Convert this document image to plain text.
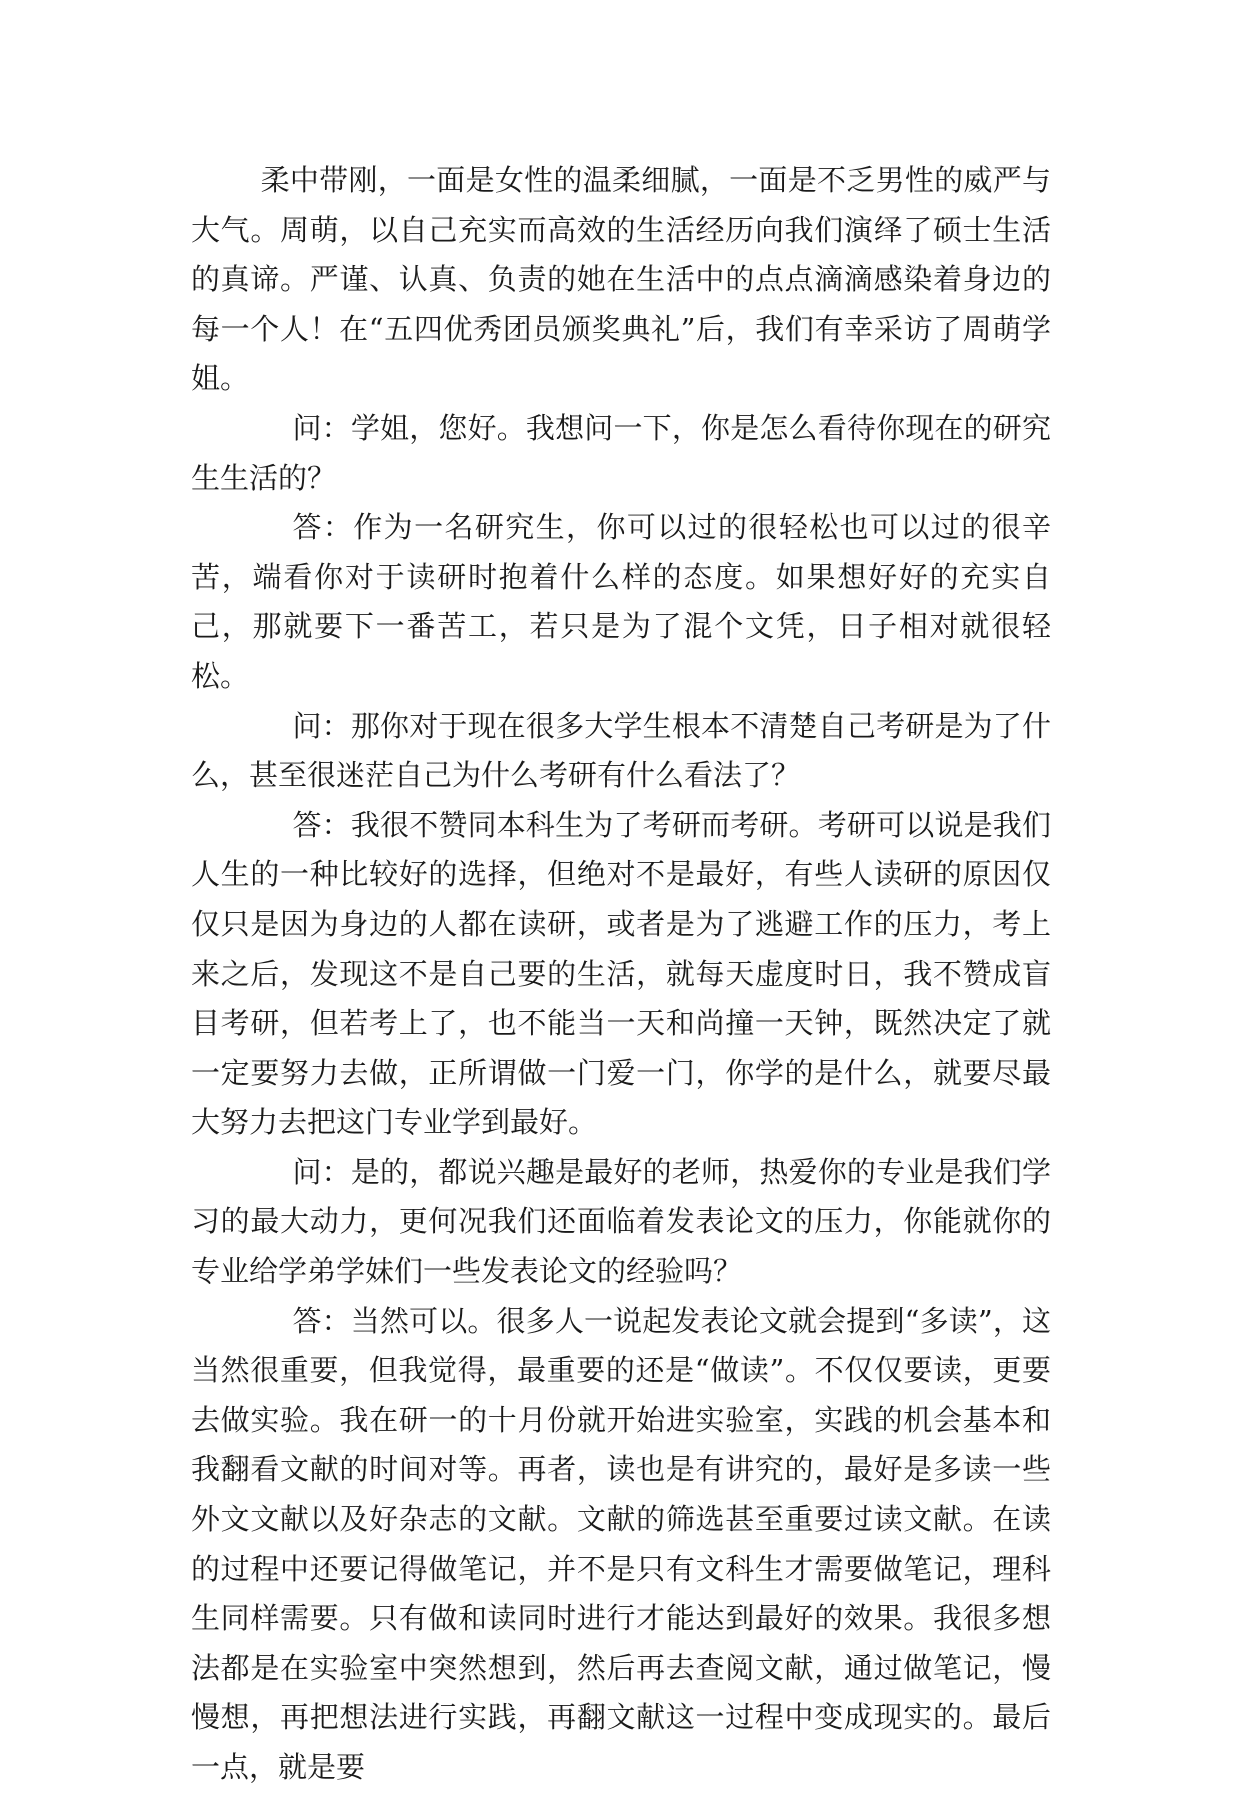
柔中带刚，一面是女性的温柔细腻，一面是不乏男性的威严与大气。周萌，以自己充实而高效的生活经历向我们演绎了硕士生活的真谛。严谨、认真、负责的她在生活中的点点滴滴感染着身边的每一个人！在“五四优秀团员颁奖典礼”后，我们有幸采访了周萌学姐。

问：学姐，您好。我想问一下，你是怎么看待你现在的研究生生活的？

答：作为一名研究生，你可以过的很轻松也可以过的很辛苦，端看你对于读研时抱着什么样的态度。如果想好好的充实自己，那就要下一番苦工，若只是为了混个文凭，日子相对就很轻松。

问：那你对于现在很多大学生根本不清楚自己考研是为了什么，甚至很迷茫自己为什么考研有什么看法了？

答：我很不赞同本科生为了考研而考研。考研可以说是我们人生的一种比较好的选择，但绝对不是最好，有些人读研的原因仅仅只是因为身边的人都在读研，或者是为了逃避工作的压力，考上来之后，发现这不是自己要的生活，就每天虚度时日，我不赞成盲目考研，但若考上了，也不能当一天和尚撞一天钟，既然决定了就一定要努力去做，正所谓做一门爱一门，你学的是什么，就要尽最大努力去把这门专业学到最好。

问：是的，都说兴趣是最好的老师，热爱你的专业是我们学习的最大动力，更何况我们还面临着发表论文的压力，你能就你的专业给学弟学妹们一些发表论文的经验吗？

答：当然可以。很多人一说起发表论文就会提到“多读”，这当然很重要，但我觉得，最重要的还是“做读”。不仅仅要读，更要去做实验。我在研一的十月份就开始进实验室，实践的机会基本和我翻看文献的时间对等。再者，读也是有讲究的，最好是多读一些外文文献以及好杂志的文献。文献的筛选甚至重要过读文献。在读的过程中还要记得做笔记，并不是只有文科生才需要做笔记，理科生同样需要。只有做和读同时进行才能达到最好的效果。我很多想法都是在实验室中突然想到，然后再去查阅文献，通过做笔记，慢慢想，再把想法进行实践，再翻文献这一过程中变成现实的。最后一点，就是要
